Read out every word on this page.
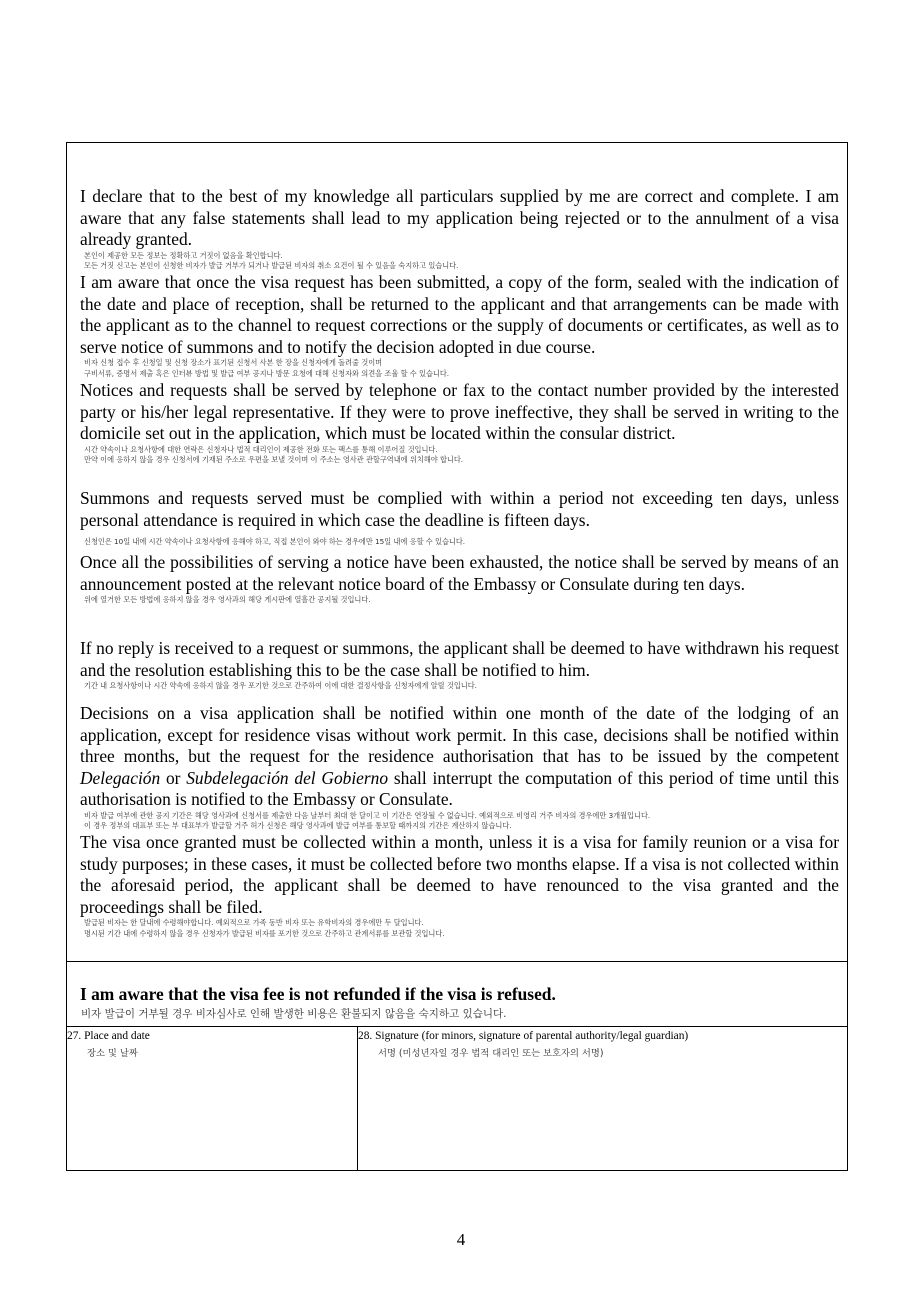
I declare that to the best of my knowledge all particulars supplied by me are correct and complete. I am aware that any false statements shall lead to my application being rejected or to the annulment of a visa already granted.

본인이 제공한 모든 정보는 정확하고 거짓이 없음을 확인합니다.

모든 거짓 신고는 본인이 신청한 비자가 발급 거부가 되거나 발급된 비자의 취소 요건이 될 수 있음을 숙지하고 있습니다.

I am aware that once the visa request has been submitted, a copy of the form, sealed with the indication of the date and place of reception, shall be returned to the applicant and that arrangements can be made with the applicant as to the channel to request corrections or the supply of documents or certificates, as well as to serve notice of summons and to notify the decision adopted in due course.

비자 신청 접수 후 신청일 및 신청 장소가 표기된 신청서 사본 한 장을 신청자에게 돌려줄 것이며

구비서류, 증명서 제출 혹은 인터뷰 방법 및 발급 여부 공지나 방문 요청에 대해 신청자와 의견을 조율 할 수 있습니다.

Notices and requests shall be served by telephone or fax to the contact number provided by the interested party or his/her legal representative. If they were to prove ineffective, they shall be served in writing to the domicile set out in the application, which must be located within the consular district.

시간 약속이나 요청사항에 대한 연락은 신청자나 법적 대리인이 제공한 전화 또는 팩스를 통해 이루어질 것입니다.

만약 이에 응하지 않을 경우 신청서에 기재된 주소로 우편을 보낼 것이며 이 주소는 영사관 관할구역내에 위치해야 합니다.

Summons and requests served must be complied with within a period not exceeding ten days, unless personal attendance is required in which case the deadline is fifteen days.

신청인은 10일 내에 시간 약속이나 요청사항에 응해야 하고, 직접 본인이 와야 하는 경우에만 15일 내에 응할 수 있습니다.

Once all the possibilities of serving a notice have been exhausted, the notice shall be served by means of an announcement posted at the relevant notice board of the Embassy or Consulate during ten days.

위에 열거한 모든 방법에 응하지 않을 경우 영사과의 해당 게시판에 열흘간 공지될 것입니다.

If no reply is received to a request or summons, the applicant shall be deemed to have withdrawn his request and the resolution establishing this to be the case shall be notified to him.

기간 내 요청사항이나 시간 약속에 응하지 않을 경우 포기한 것으로 간주하여 이에 대한 결정사항을 신청자에게 알릴 것입니다.

Decisions on a visa application shall be notified within one month of the date of the lodging of an application, except for residence visas without work permit. In this case, decisions shall be notified within three months, but the request for the residence authorisation that has to be issued by the competent Delegación or Subdelegación del Gobierno shall interrupt the computation of this period of time until this authorisation is notified to the Embassy or Consulate.

비자 발급 여부에 관한 공지 기간은 해당 영사과에 신청서를 제출한 다음 날부터 최대 한 달이고 이 기간은 연장될 수 없습니다. 예외적으로 비영리 거주 비자의 경우에만 3개월입니다.

이 경우 정부의 대표부 또는 부 대표부가 발급할 거주 허가 신청은 해당 영사과에 발급 여부를 통보할 때까지의 기간은 계산하지 않습니다.

The visa once granted must be collected within a month, unless it is a visa for family reunion or a visa for study purposes; in these cases, it must be collected before two months elapse. If a visa is not collected within the aforesaid period, the applicant shall be deemed to have renounced to the visa granted and the proceedings shall be filed.

발급된 비자는 한 달내에 수령해야합니다. 예외적으로 가족 동반 비자 또는 유학비자의 경우에만 두 달입니다.

명시된 기간 내에 수령하지 않을 경우 신청자가 발급된 비자를 포기한 것으로 간주하고 관계서류를 보관할 것입니다.

I am aware that the visa fee is not refunded if the visa is refused.

비자 발급이 거부될 경우 비자심사로 인해 발생한 비용은 환불되지 않음을 숙지하고 있습니다.

27. Place and date

장소 및 날짜

28. Signature (for minors, signature of parental authority/legal guardian)

서명 (미성년자일 경우 법적 대리인 또는 보호자의 서명)

4
